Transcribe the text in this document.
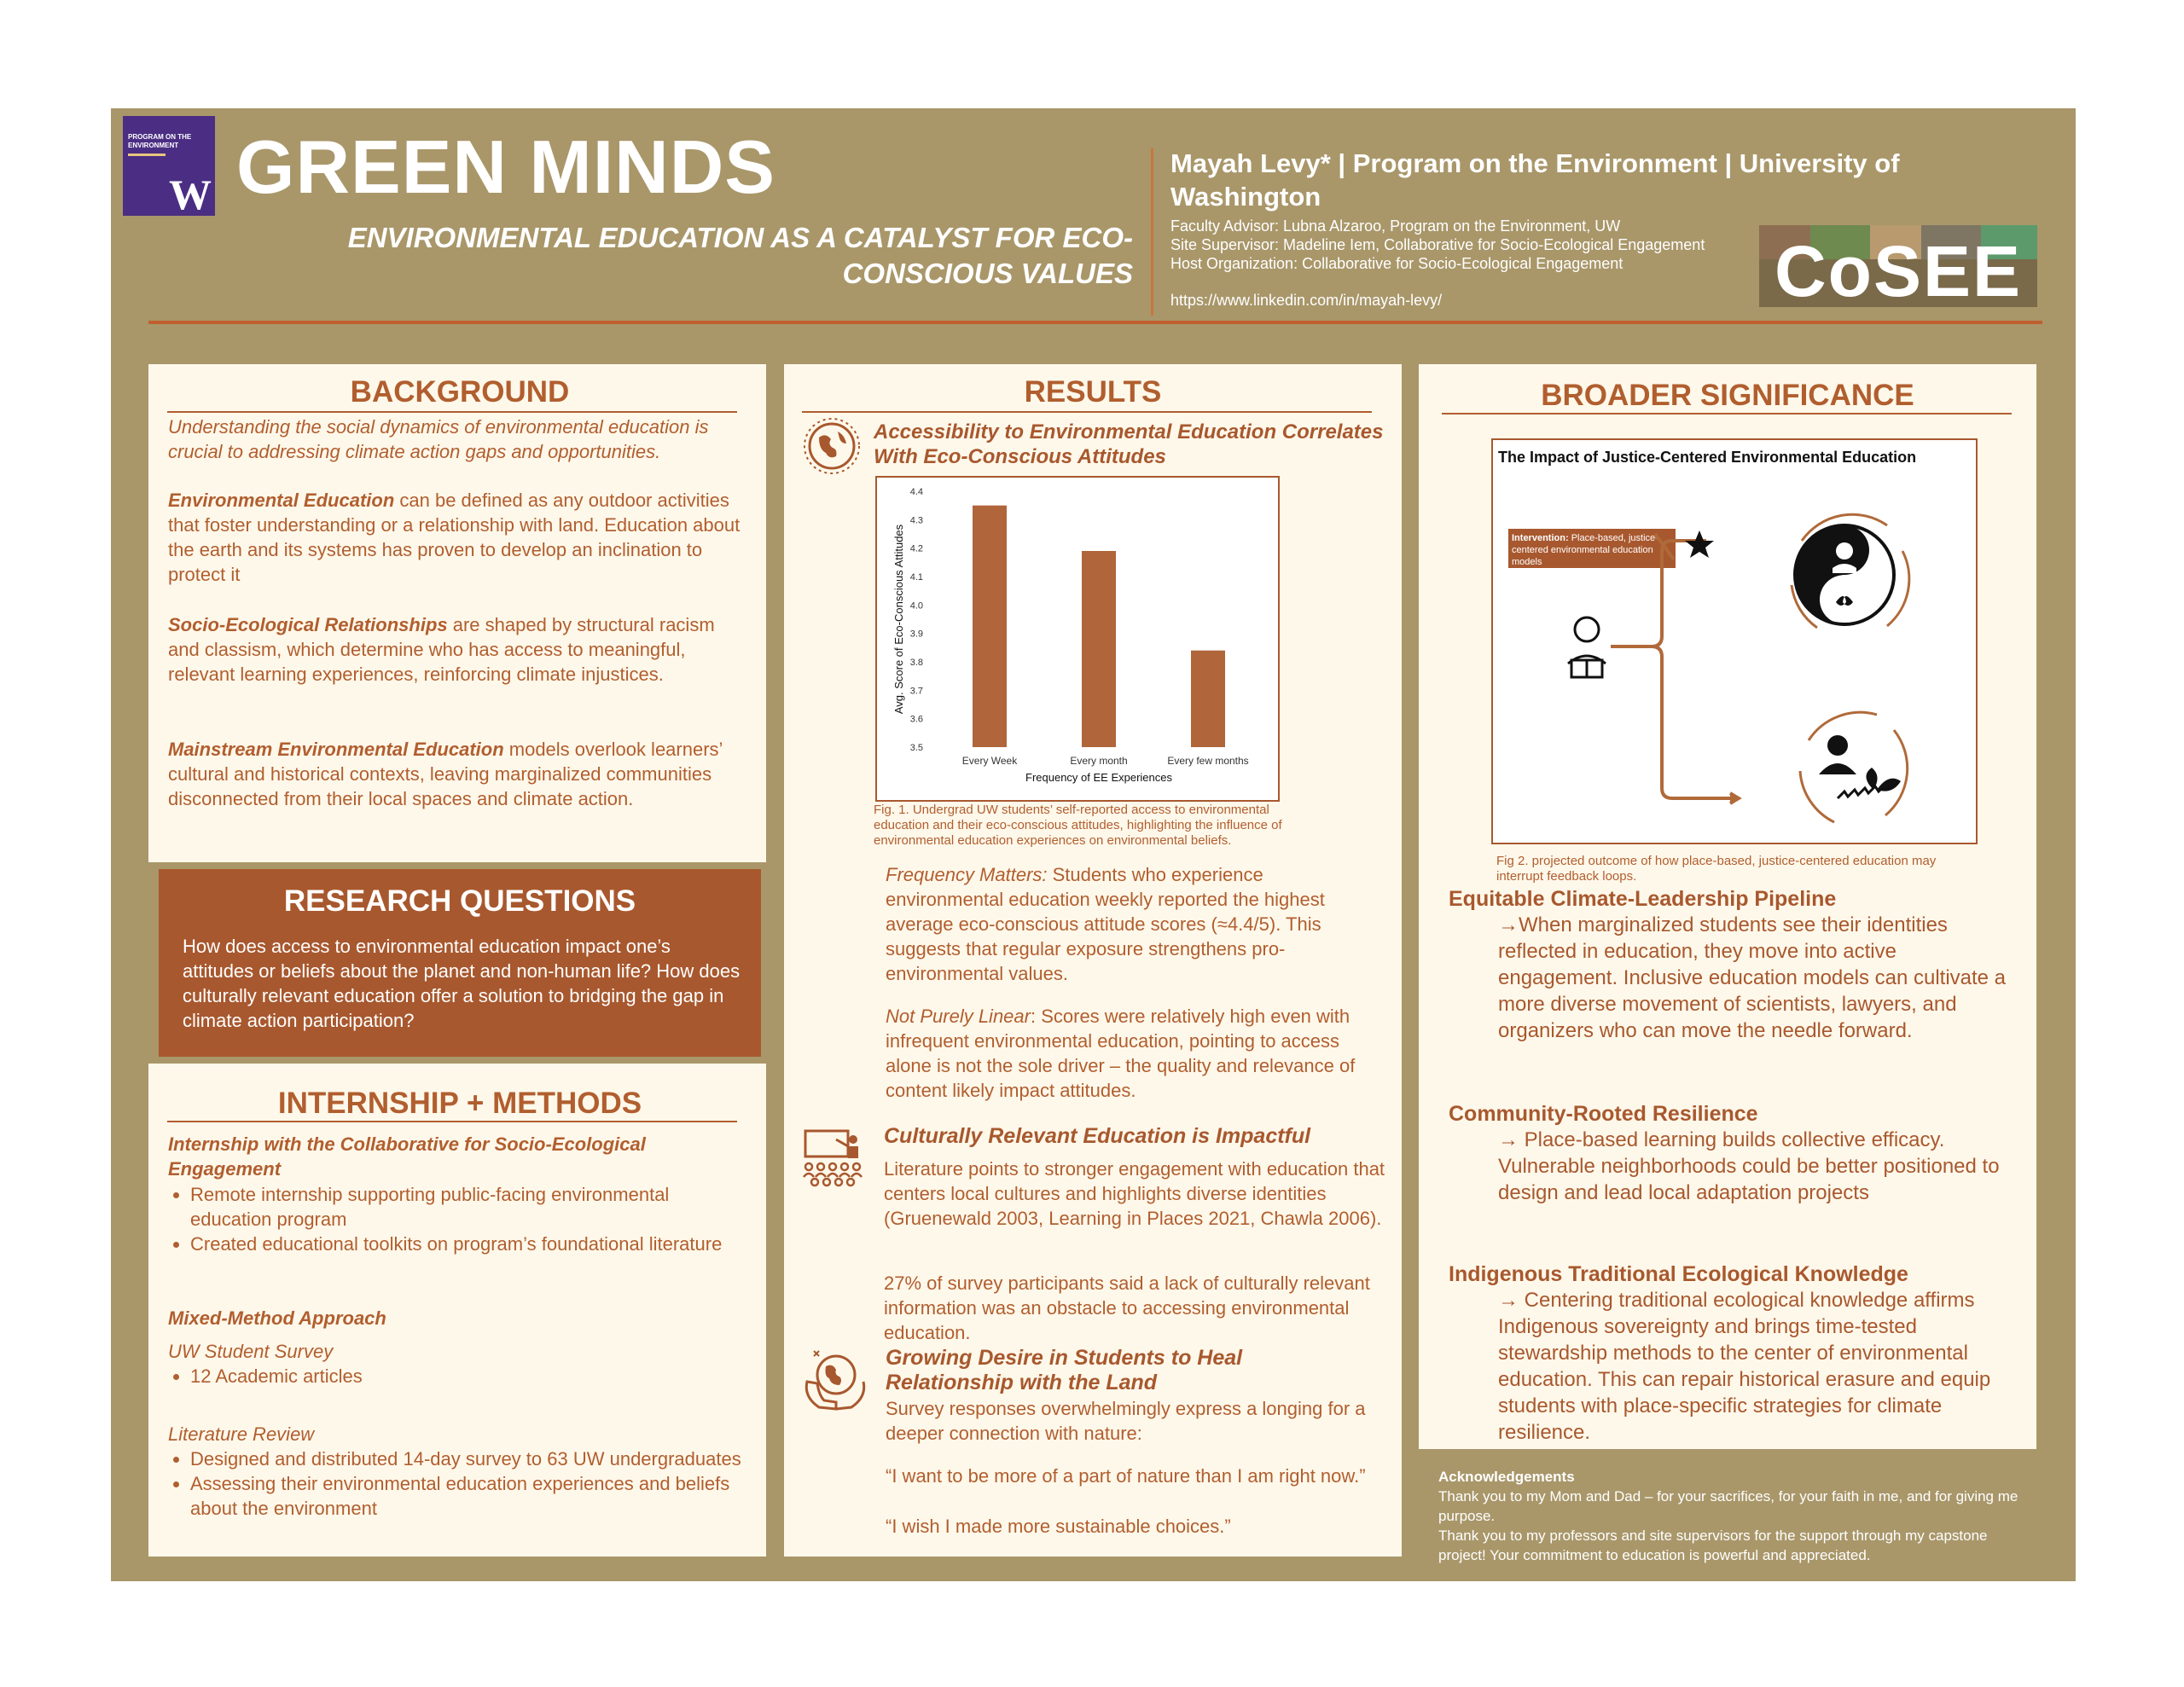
PROGRAM ON THE ENVIRONMENT
W GREEN MINDS
ENVIRONMENTAL EDUCATION AS A CATALYST FOR ECO-
CONSCIOUS VALUES
Mayah Levy* | Program on the Environment | University of Washington
Faculty Advisor: Lubna Alzaroo, Program on the Environment, UW
Site Supervisor: Madeline Iem, Collaborative for Socio-Ecological Engagement
Host Organization: Collaborative for Socio-Ecological Engagement
https://www.linkedin.com/in/mayah-levy/	CoSEE
BACKGROUND
Understanding the social dynamics of environmental education is crucial to addressing climate action gaps and opportunities.
Environmental Education can be defined as any outdoor activities that foster understanding or a relationship with land. Education about the earth and its systems has proven to develop an inclination to protect it
Socio-Ecological Relationships are shaped by structural racism and classism, which determine who has access to meaningful, relevant learning experiences, reinforcing climate injustices.
Mainstream Environmental Education models overlook learners’ cultural and historical contexts, leaving marginalized communities disconnected from their local spaces and climate action.
RESEARCH QUESTIONS
How does access to environmental education impact one’s attitudes or beliefs about the planet and non-human life? How does culturally relevant education offer a solution to bridging the gap in climate action participation?
INTERNSHIP + METHODS
Internship with the Collaborative for Socio-Ecological Engagement
• Remote internship supporting public-facing environmental education program
• Created educational toolkits on program’s foundational literature
Mixed-Method Approach
UW Student Survey
• 12 Academic articles
Literature Review
• Designed and distributed 14-day survey to 63 UW undergraduates
• Assessing their environmental education experiences and beliefs about the environment
RESULTS
Accessibility to Environmental Education Correlates With Eco-Conscious Attitudes
3.5
3.6
3.7
3.8
3.9
4.0
4.1
4.2
4.3
4.4
Every Week	Every month	Every few months
Frequency of EE Experiences
Avg. Score of Eco-Conscious Attitudes
Fig. 1. Undergrad UW students’ self-reported access to environmental education and their eco-conscious attitudes, highlighting the influence of environmental education experiences on environmental beliefs.
Frequency Matters: Students who experience environmental education weekly reported the highest average eco-conscious attitude scores (≈4.4/5). This suggests that regular exposure strengthens pro-environmental values.
Not Purely Linear: Scores were relatively high even with infrequent environmental education, pointing to access alone is not the sole driver – the quality and relevance of content likely impact attitudes.
Culturally Relevant Education is Impactful
Literature points to stronger engagement with education that centers local cultures and highlights diverse identities (Gruenewald 2003, Learning in Places 2021, Chawla 2006).
27% of survey participants said a lack of culturally relevant information was an obstacle to accessing environmental education.
Growing Desire in Students to Heal Relationship with the Land
Survey responses overwhelmingly express a longing for a deeper connection with nature:
“I want to be more of a part of nature than I am right now.”
“I wish I made more sustainable choices.”
BROADER SIGNIFICANCE
The Impact of Justice-Centered Environmental Education
Intervention: Place-based, justice-centered environmental education models
Fig 2. projected outcome of how place-based, justice-centered education may interrupt feedback loops.
Equitable Climate-Leadership Pipeline
→When marginalized students see their identities reflected in education, they move into active engagement. Inclusive education models can cultivate a more diverse movement of scientists, lawyers, and organizers who can move the needle forward.
Community-Rooted Resilience
→ Place-based learning builds collective efficacy. Vulnerable neighborhoods could be better positioned to design and lead local adaptation projects
Indigenous Traditional Ecological Knowledge
→ Centering traditional ecological knowledge affirms Indigenous sovereignty and brings time-tested stewardship methods to the center of environmental education. This can repair historical erasure and equip students with place-specific strategies for climate resilience.
Acknowledgements
Thank you to my Mom and Dad – for your sacrifices, for your faith in me, and for giving me purpose.
Thank you to my professors and site supervisors for the support through my capstone project! Your commitment to education is powerful and appreciated.
